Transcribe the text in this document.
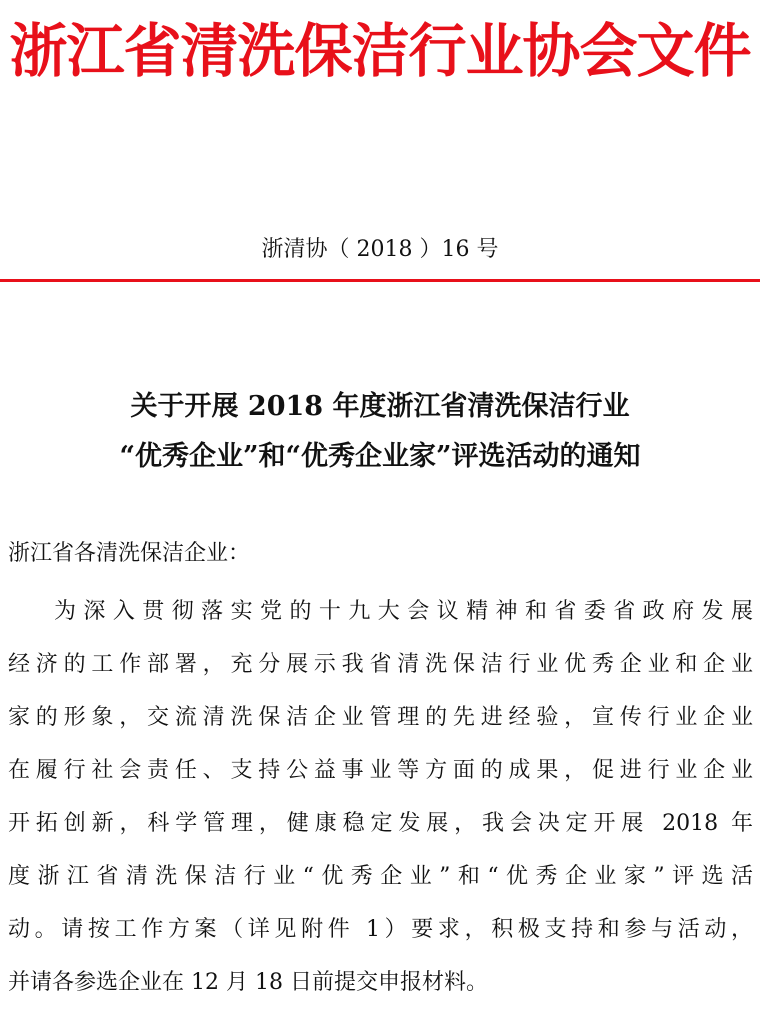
浙江省清洗保洁行业协会文件
浙清协（ 2018 ）16 号
关于开展 2018 年度浙江省清洗保洁行业
“优秀企业”和“优秀企业家”评选活动的通知
浙江省各清洗保洁企业：
为深入贯彻落实党的十九大会议精神和省委省政府发展
经济的工作部署，充分展示我省清洗保洁行业优秀企业和企业
家的形象，交流清洗保洁企业管理的先进经验，宣传行业企业
在履行社会责任、支持公益事业等方面的成果，促进行业企业
开拓创新，科学管理，健康稳定发展，我会决定开展 2018 年
度浙江省清洗保洁行业“优秀企业”和“优秀企业家”评选活
动。请按工作方案（详见附件 1）要求，积极支持和参与活动，
并请各参选企业在 12 月 18 日前提交申报材料。
